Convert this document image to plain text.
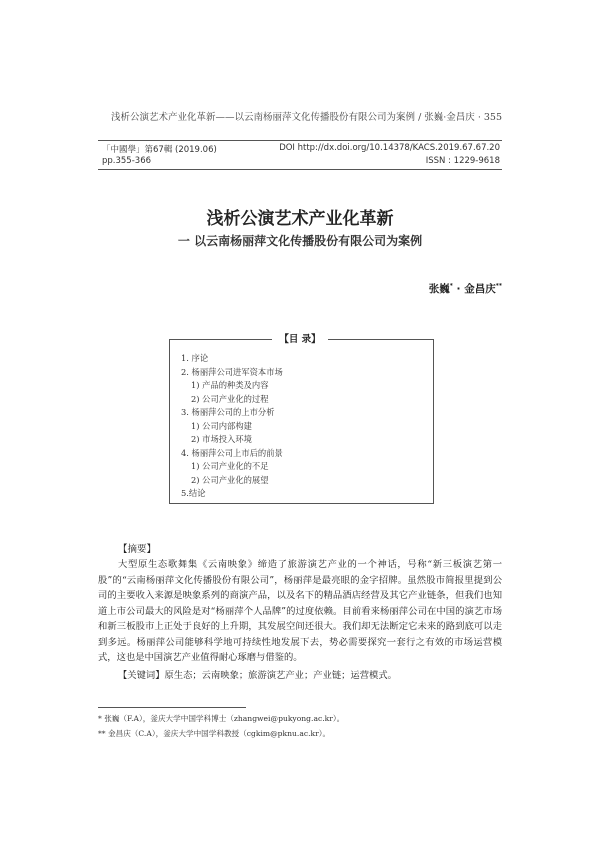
浅析公演艺术产业化革新——以云南杨丽萍文化传播股份有限公司为案例 / 张巍·金昌庆 · 355
「中國學」第67輯 (2019.06)
pp.355-366
DOI http://dx.doi.org/10.14378/KACS.2019.67.67.20
ISSN : 1229-9618
浅析公演艺术产业化革新
一 以云南杨丽萍文化传播股份有限公司为案例
张巍* · 金昌庆**
【目 录】
1. 序论
2. 杨丽萍公司进军资本市场
1) 产品的种类及内容
2) 公司产业化的过程
3. 杨丽萍公司的上市分析
1) 公司内部构建
2) 市场投入环境
4. 杨丽萍公司上市后的前景
1) 公司产业化的不足
2) 公司产业化的展望
5.结论
【摘要】
大型原生态歌舞集《云南映象》缔造了旅游演艺产业的一个神话，号称“新三板演艺第一股”的“云南杨丽萍文化传播股份有限公司”，杨丽萍是最亮眼的金字招牌。虽然股市简报里提到公司的主要收入来源是映象系列的商演产品，以及名下的精品酒店经营及其它产业链条，但我们也知道上市公司最大的风险是对“杨丽萍个人品牌”的过度依赖。目前看来杨丽萍公司在中国的演艺市场和新三板股市上正处于良好的上升期，其发展空间还很大。我们却无法断定它未来的路到底可以走到多远。杨丽萍公司能够科学地可持续性地发展下去，势必需要探究一套行之有效的市场运营模式，这也是中国演艺产业值得耐心琢磨与借鉴的。
【关键词】原生态；云南映象；旅游演艺产业；产业链；运营模式。
* 张巍（F.A），釜庆大学中国学科博士（zhangwei@pukyong.ac.kr）。
** 金昌庆（C.A），釜庆大学中国学科教授（cgkim@pknu.ac.kr）。
